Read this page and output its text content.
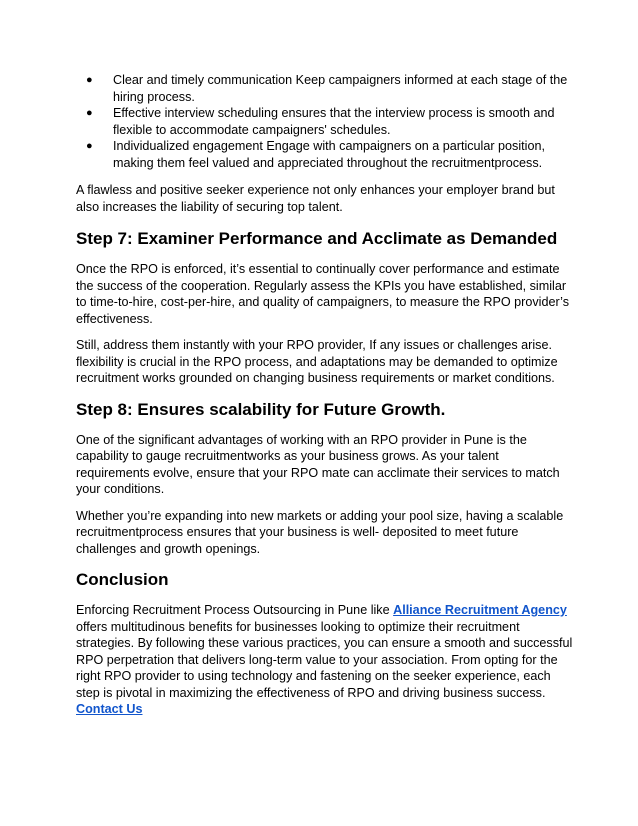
● Clear and timely communication Keep campaigners informed at each stage of the hiring process.
● Effective interview scheduling ensures that the interview process is smooth and flexible to accommodate campaigners' schedules.
● Individualized engagement Engage with campaigners on a particular position, making them feel valued and appreciated throughout the recruitmentprocess.

A flawless and positive seeker experience not only enhances your employer brand but also increases the liability of securing top talent.

Step 7: Examiner Performance and Acclimate as Demanded

Once the RPO is enforced, it’s essential to continually cover performance and estimate the success of the cooperation. Regularly assess the KPIs you have established, similar to time-to-hire, cost-per-hire, and quality of campaigners, to measure the RPO provider’s effectiveness.

Still, address them instantly with your RPO provider, If any issues or challenges arise. flexibility is crucial in the RPO process, and adaptations may be demanded to optimize recruitment works grounded on changing business requirements or market conditions.

Step 8: Ensures scalability for Future Growth.

One of the significant advantages of working with an RPO provider in Pune is the capability to gauge recruitmentworks as your business grows. As your talent requirements evolve, ensure that your RPO mate can acclimate their services to match your conditions.

Whether you’re expanding into new markets or adding your pool size, having a scalable recruitmentprocess ensures that your business is well- deposited to meet future challenges and growth openings.

Conclusion

Enforcing Recruitment Process Outsourcing in Pune like Alliance Recruitment Agency offers multitudinous benefits for businesses looking to optimize their recruitment strategies. By following these various practices, you can ensure a smooth and successful RPO perpetration that delivers long-term value to your association. From opting for the right RPO provider to using technology and fastening on the seeker experience, each step is pivotal in maximizing the effectiveness of RPO and driving business success. Contact Us
